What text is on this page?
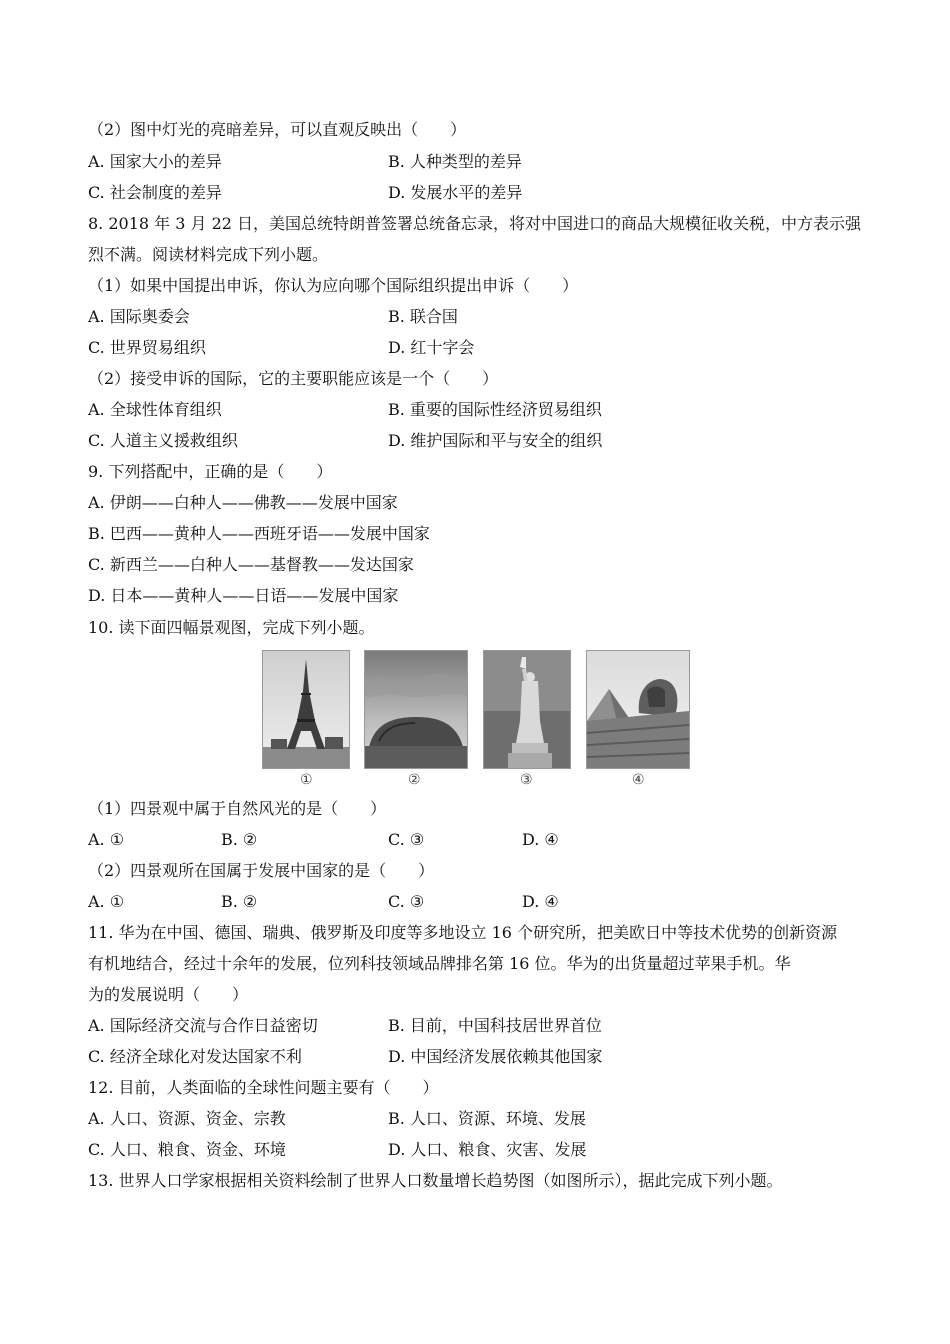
（2）图中灯光的亮暗差异，可以直观反映出（　　）
A. 国家大小的差异	B. 人种类型的差异
C. 社会制度的差异	D. 发展水平的差异
8. 2018 年 3 月 22 日，美国总统特朗普签署总统备忘录，将对中国进口的商品大规模征收关税，中方表示强
烈不满。阅读材料完成下列小题。
（1）如果中国提出申诉，你认为应向哪个国际组织提出申诉（　　）
A. 国际奥委会	B. 联合国
C. 世界贸易组织	D. 红十字会
（2）接受申诉的国际，它的主要职能应该是一个（　　）
A. 全球性体育组织	B. 重要的国际性经济贸易组织
C. 人道主义援救组织	D. 维护国际和平与安全的组织
9. 下列搭配中，正确的是（　　）
A. 伊朗——白种人——佛教——发展中国家
B. 巴西——黄种人——西班牙语——发展中国家
C. 新西兰——白种人——基督教——发达国家
D. 日本——黄种人——日语——发展中国家
10. 读下面四幅景观图，完成下列小题。
①	②	③	④
（1）四景观中属于自然风光的是（　　）
A. ①	B. ②	C. ③	D. ④
（2）四景观所在国属于发展中国家的是（　　）
A. ①	B. ②	C. ③	D. ④
11. 华为在中国、德国、瑞典、俄罗斯及印度等多地设立 16 个研究所，把美欧日中等技术优势的创新资源
有机地结合，经过十余年的发展，位列科技领域品牌排名第 16 位。华为的出货量超过苹果手机。华
为的发展说明（　　）
A. 国际经济交流与合作日益密切	B. 目前，中国科技居世界首位
C. 经济全球化对发达国家不利	D. 中国经济发展依赖其他国家
12. 目前，人类面临的全球性问题主要有（　　）
A. 人口、资源、资金、宗教	B. 人口、资源、环境、发展
C. 人口、粮食、资金、环境	D. 人口、粮食、灾害、发展
13. 世界人口学家根据相关资料绘制了世界人口数量增长趋势图（如图所示），据此完成下列小题。
